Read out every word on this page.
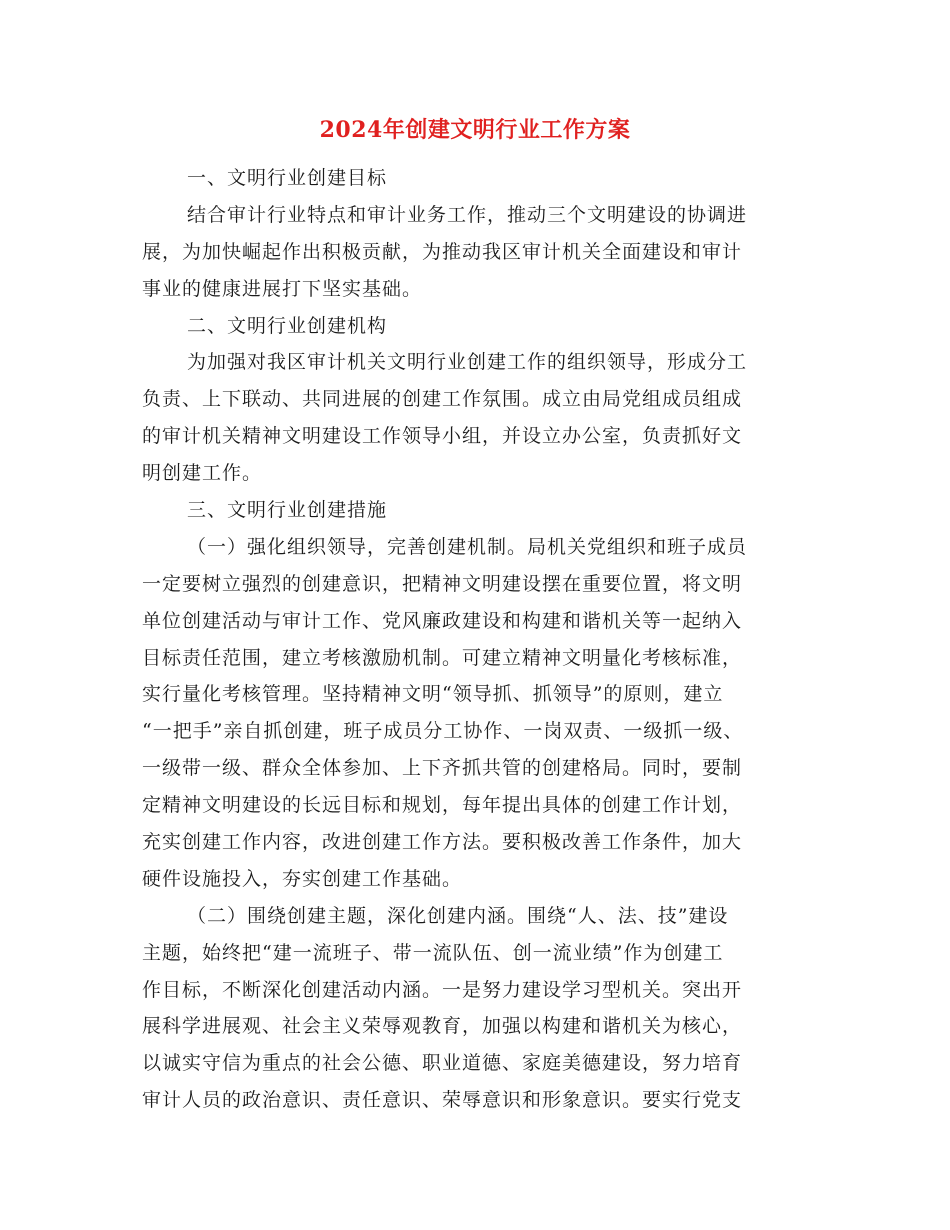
2024年创建文明行业工作方案
一、文明行业创建目标
结合审计行业特点和审计业务工作，推动三个文明建设的协调进
展，为加快崛起作出积极贡献，为推动我区审计机关全面建设和审计
事业的健康进展打下坚实基础。
二、文明行业创建机构
为加强对我区审计机关文明行业创建工作的组织领导，形成分工
负责、上下联动、共同进展的创建工作氛围。成立由局党组成员组成
的审计机关精神文明建设工作领导小组，并设立办公室，负责抓好文
明创建工作。
三、文明行业创建措施
（一）强化组织领导，完善创建机制。局机关党组织和班子成员
一定要树立强烈的创建意识，把精神文明建设摆在重要位置，将文明
单位创建活动与审计工作、党风廉政建设和构建和谐机关等一起纳入
目标责任范围，建立考核激励机制。可建立精神文明量化考核标准，
实行量化考核管理。坚持精神文明“领导抓、抓领导”的原则，建立
“一把手”亲自抓创建，班子成员分工协作、一岗双责、一级抓一级、
一级带一级、群众全体参加、上下齐抓共管的创建格局。同时，要制
定精神文明建设的长远目标和规划，每年提出具体的创建工作计划，
充实创建工作内容，改进创建工作方法。要积极改善工作条件，加大
硬件设施投入，夯实创建工作基础。
（二）围绕创建主题，深化创建内涵。围绕“人、法、技”建设
主题，始终把“建一流班子、带一流队伍、创一流业绩”作为创建工
作目标，不断深化创建活动内涵。一是努力建设学习型机关。突出开
展科学进展观、社会主义荣辱观教育，加强以构建和谐机关为核心，
以诚实守信为重点的社会公德、职业道德、家庭美德建设，努力培育
审计人员的政治意识、责任意识、荣辱意识和形象意识。要实行党支
